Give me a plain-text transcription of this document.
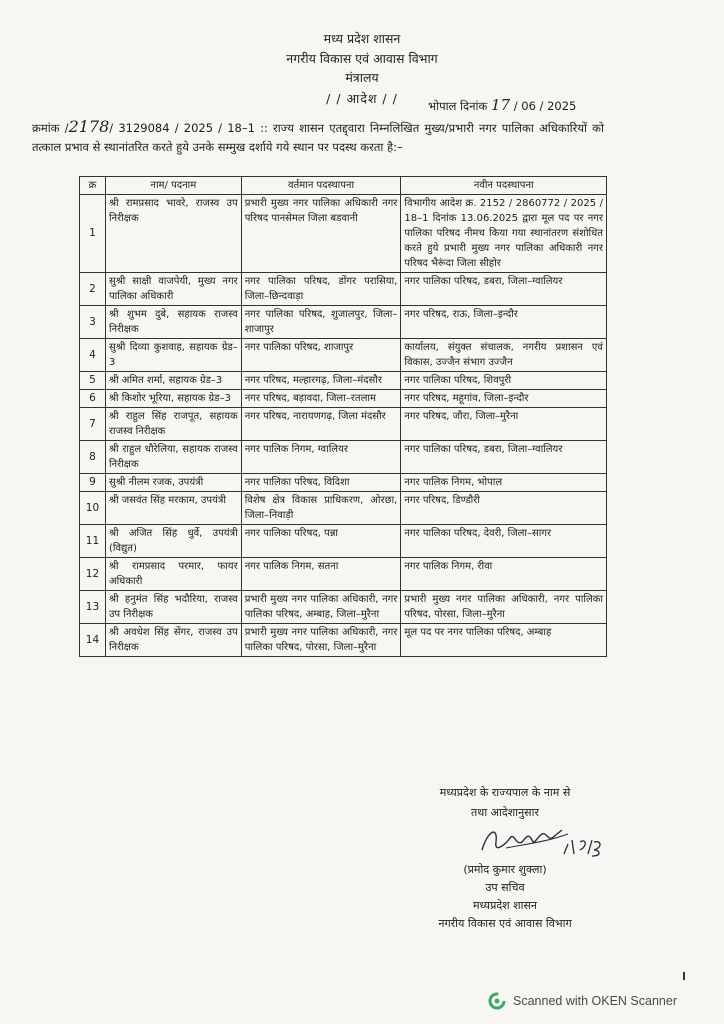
मध्य प्रदेश शासन
नगरीय विकास एवं आवास विभाग
मंत्रालय
/ / आदेश / /	भोपाल दिनांक 17 / 06 / 2025
क्रमांक /2178/ 3129084 / 2025 / 18–1 :: राज्य शासन एतद्द्वारा निम्नलिखित मुख्य/प्रभारी नगर पालिका अधिकारियों को तत्काल प्रभाव से स्थानांतरित करते हुये उनके सम्मुख दर्शाये गये स्थान पर पदस्थ करता है:–
क्र	नाम/ पदनाम	वर्तमान पदस्थापना	नवीन पदस्थापना
1	श्री रामप्रसाद भावरे, राजस्व उप निरीक्षक	प्रभारी मुख्य नगर पालिका अधिकारी नगर परिषद पानसेमल जिला बडवानी	विभागीय आदेश क्र. 2152 / 2860772 / 2025 / 18–1 दिनांक 13.06.2025 द्वारा मूल पद पर नगर पालिका परिषद नीमच किया गया स्थानांतरण संशोधित करते हुये प्रभारी मुख्य नगर पालिका अधिकारी नगर परिषद भैरूंदा जिला सीहोर
2	सुश्री साक्षी वाजपेयी, मुख्य नगर पालिका अधिकारी	नगर पालिका परिषद, डोंगर परासिया, जिला–छिन्दवाड़ा	नगर पालिका परिषद, डबरा, जिला–ग्वालियर
3	श्री शुभम दुबे, सहायक राजस्व निरीक्षक	नगर पालिका परिषद, शुजालपुर, जिला–शाजापुर	नगर परिषद, राऊ, जिला–इन्दौर
4	सुश्री दिव्या कुशवाह, सहायक ग्रेड–3	नगर पालिका परिषद, शाजापुर	कार्यालय, संयुक्त संचालक, नगरीय प्रशासन एवं विकास, उज्जैन संभाग उज्जैन
5	श्री अमित शर्मा, सहायक ग्रेड–3	नगर परिषद, मल्हारगढ़, जिला–मंदसौर	नगर पालिका परिषद, शिवपुरी
6	श्री किशोर भूरिया, सहायक ग्रेड–3	नगर परिषद, बड़ावदा, जिला–रतलाम	नगर परिषद, महूगांव, जिला–इन्दौर
7	श्री राहुल सिंह राजपूत, सहायक राजस्व निरीक्षक	नगर परिषद, नारायणगढ़, जिला मंदसौर	नगर परिषद, जौरा, जिला–मुरैना
8	श्री राहुल धौरेलिया, सहायक राजस्व निरीक्षक	नगर पालिक निगम, ग्वालियर	नगर पालिका परिषद, डबरा, जिला–ग्वालियर
9	सुश्री नीलम रजक, उपयंत्री	नगर पालिका परिषद, विदिशा	नगर पालिक निगम, भोपाल
10	श्री जसवंत सिंह मरकाम, उपयंत्री	विशेष क्षेत्र विकास प्राधिकरण, ओरछा, जिला–निवाड़ी	नगर परिषद, डिण्डौरी
11	श्री अजित सिंह धुर्वे, उपयंत्री (विद्युत)	नगर पालिका परिषद, पन्ना	नगर पालिका परिषद, देवरी, जिला–सागर
12	श्री रामप्रसाद परमार, फायर अधिकारी	नगर पालिक निगम, सतना	नगर पालिक निगम, रीवा
13	श्री हनुमंत सिंह भदौरिया, राजस्व उप निरीक्षक	प्रभारी मुख्य नगर पालिका अधिकारी, नगर पालिका परिषद, अम्बाह, जिला–मुरैना	प्रभारी मुख्य नगर पालिका अधिकारी, नगर पालिका परिषद, पोरसा, जिला–मुरैना
14	श्री अवधेश सिंह सेंगर, राजस्व उप निरीक्षक	प्रभारी मुख्य नगर पालिका अधिकारी, नगर पालिका परिषद, पोरसा, जिला–मुरैना	मूल पद पर नगर पालिका परिषद, अम्बाह
मध्यप्रदेश के राज्यपाल के नाम से
तथा आदेशानुसार
(प्रमोद कुमार शुक्ला)
उप सचिव
मध्यप्रदेश शासन
नगरीय विकास एवं आवास विभाग
Scanned with OKEN Scanner
